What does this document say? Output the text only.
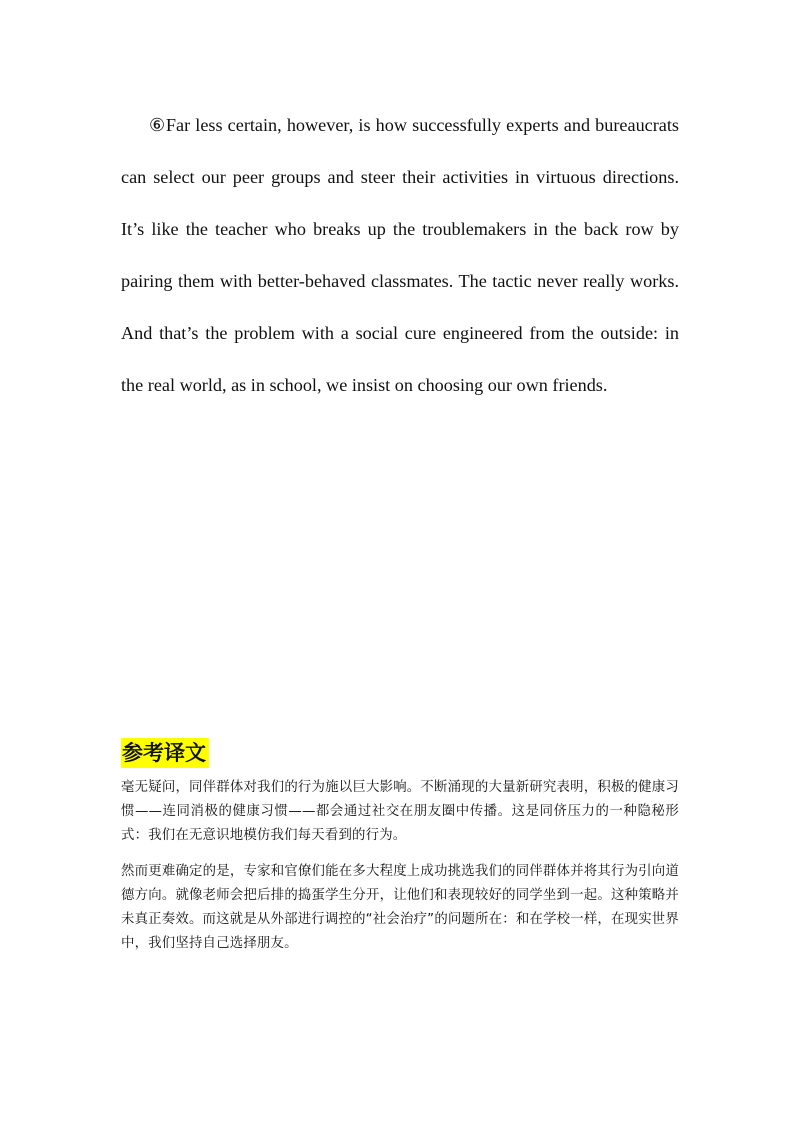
⑥Far less certain, however, is how successfully experts and bureaucrats can select our peer groups and steer their activities in virtuous directions. It’s like the teacher who breaks up the troublemakers in the back row by pairing them with better-behaved classmates. The tactic never really works. And that’s the problem with a social cure engineered from the outside: in the real world, as in school, we insist on choosing our own friends.

参考译文

毫无疑问，同伴群体对我们的行为施以巨大影响。不断涌现的大量新研究表明，积极的健康习惯——连同消极的健康习惯——都会通过社交在朋友圈中传播。这是同侪压力的一种隐秘形式：我们在无意识地模仿我们每天看到的行为。

然而更难确定的是，专家和官僚们能在多大程度上成功挑选我们的同伴群体并将其行为引向道德方向。就像老师会把后排的捣蛋学生分开，让他们和表现较好的同学坐到一起。这种策略并未真正奏效。而这就是从外部进行调控的“社会治疗”的问题所在：和在学校一样，在现实世界中，我们坚持自己选择朋友。
